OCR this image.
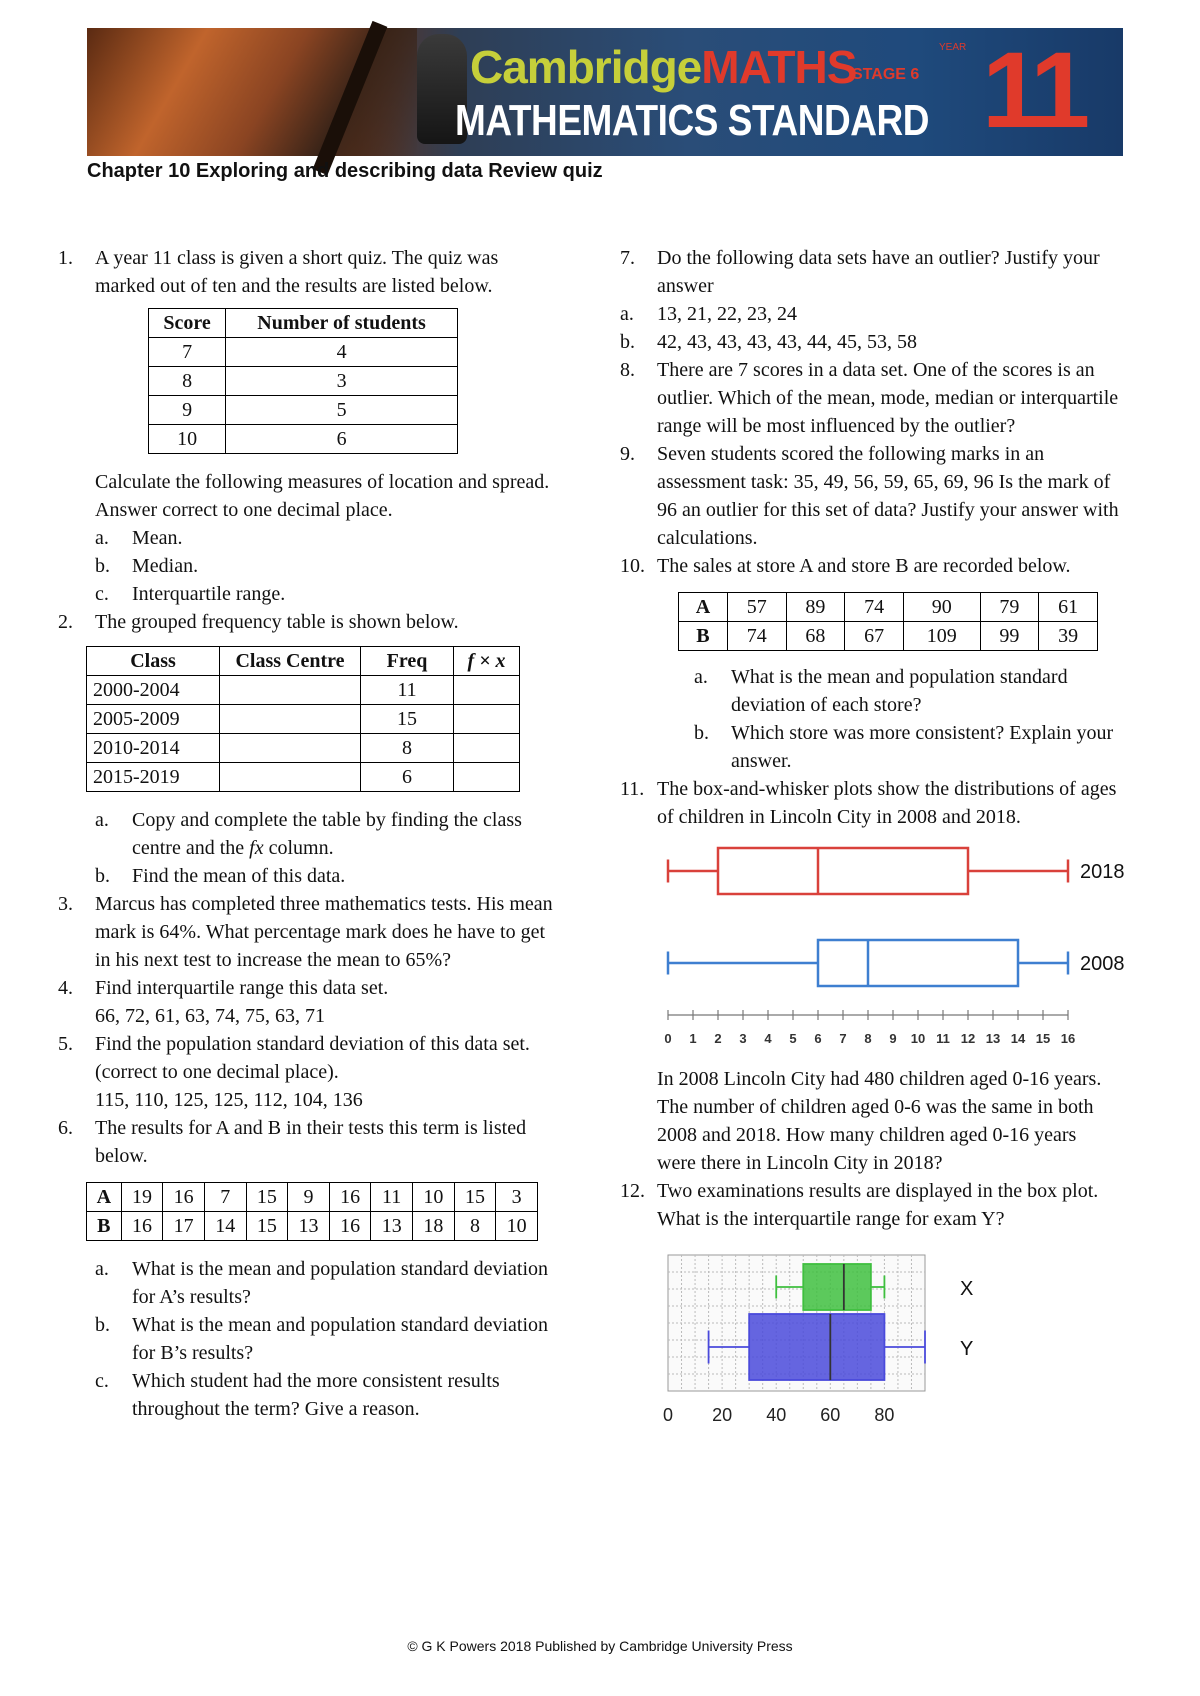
CambridgeMATHS
STAGE 6
YEAR
MATHEMATICS STANDARD 11
Chapter 10 Exploring and describing data Review quiz
1. A year 11 class is given a short quiz. The quiz was marked out of ten and the results are listed below.
Score	Number of students
7	4
8	3
9	5
10	6
Calculate the following measures of location and spread. Answer correct to one decimal place.
a. Mean.
b. Median.
c. Interquartile range.
2. The grouped frequency table is shown below.
Class	Class Centre	Freq	f × x
2000-2004		11	
2005-2009		15	
2010-2014		8	
2015-2019		6	
a. Copy and complete the table by finding the class centre and the fx column.
b. Find the mean of this data.
3. Marcus has completed three mathematics tests. His mean mark is 64%. What percentage mark does he have to get in his next test to increase the mean to 65%?
4. Find interquartile range this data set.
66, 72, 61, 63, 74, 75, 63, 71
5. Find the population standard deviation of this data set. (correct to one decimal place).
115, 110, 125, 125, 112, 104, 136
6. The results for A and B in their tests this term is listed below.
A	19	16	7	15	9	16	11	10	15	3
B	16	17	14	15	13	16	13	18	8	10
a. What is the mean and population standard deviation for A’s results?
b. What is the mean and population standard deviation for B’s results?
c. Which student had the more consistent results throughout the term? Give a reason.
7. Do the following data sets have an outlier? Justify your answer
a. 13, 21, 22, 23, 24
b. 42, 43, 43, 43, 43, 44, 45, 53, 58
8. There are 7 scores in a data set. One of the scores is an outlier. Which of the mean, mode, median or interquartile range will be most influenced by the outlier?
9. Seven students scored the following marks in an assessment task: 35, 49, 56, 59, 65, 69, 96 Is the mark of 96 an outlier for this set of data? Justify your answer with calculations.
10. The sales at store A and store B are recorded below.
A	57	89	74	90	79	61
B	74	68	67	109	99	39
a. What is the mean and population standard deviation of each store?
b. Which store was more consistent? Explain your answer.
11. The box-and-whisker plots show the distributions of ages of children in Lincoln City in 2008 and 2018.
2018
2008
0 1 2 3 4 5 6 7 8 9 10 11 12 13 14 15 16
In 2008 Lincoln City had 480 children aged 0-16 years. The number of children aged 0-6 was the same in both 2008 and 2018. How many children aged 0-16 years were there in Lincoln City in 2018?
12. Two examinations results are displayed in the box plot. What is the interquartile range for exam Y?
X
Y
0 20 40 60 80
© G K Powers 2018 Published by Cambridge University Press
